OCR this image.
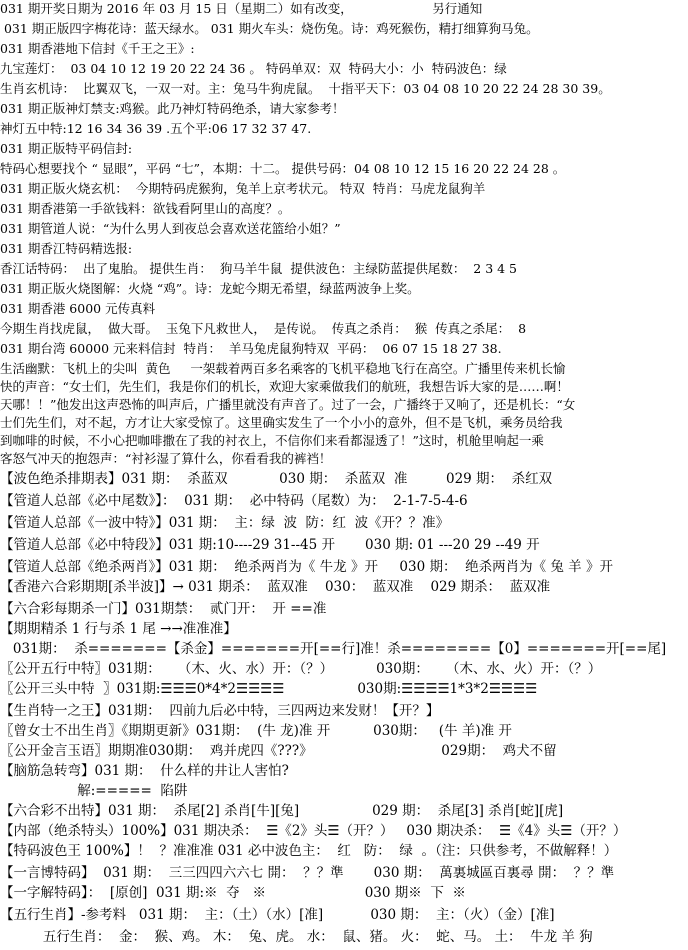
031 期开奖日期为 2016 年 03 月 15 日（星期二）如有改变，                    另行通知
031 期正版四字梅花诗：蓝天绿水。 031 期火车头：烧伤兔。诗：鸡死猴伤，精打细算狗马兔。
031 期香港地下信封《千王之王》:
九宝莲灯：  03 04 10 12 19 20 22 24 36 。 特码单双：双  特码大小：小  特码波色：绿
生肖玄机诗：  比翼双飞，一双一对。主：兔马牛狗虎鼠。  十指平天下：03 04 08 10 20 22 24 28 30 39。
031 期正版神灯禁支:鸡猴。此乃神灯特码绝杀，请大家参考！
神灯五中特:12 16 34 36 39 .五个平:06 17 32 37 47.
031 期正版特平码信封:
特码心想要找个 “ 显眼”，平码 “七”，本期：十二。 提供号码：04 08 10 12 15 16 20 22 24 28 。
031 期正版火烧玄机：  今期特码虎猴狗，兔羊上京考状元。 特双  特肖：马虎龙鼠狗羊
031 期香港第一手欲钱料：欲钱看阿里山的高度？。
031 期管道人说：“为什么男人到夜总会喜欢送花篮给小姐？”
031 期香江特码精选报:
香江话特码：  出了鬼胎。 提供生肖：  狗马羊牛鼠  提供波色：主绿防蓝提供尾数：  2 3 4 5
031 期正版火烧图解：火烧 “鸡”。诗：龙蛇今期无希望，绿蓝两波争上奖。
031 期香港 6000 元传真料
今期生肖找虎鼠，  做大哥。  玉兔下凡救世人，  是传说。  传真之杀肖：  猴  传真之杀尾：  8
031 期台湾 60000 元来料信封  特肖：  羊马兔虎鼠狗特双  平码：  06 07 15 18 27 38.
生活幽默：飞机上的尖叫  黄色     一架载着两百多名乘客的飞机平稳地飞行在高空。广播里传来机长愉
快的声音：“女士们，先生们，我是你们的机长，欢迎大家乘做我们的航班，我想告诉大家的是……啊！
天哪！！”他发出这声恐怖的叫声后，广播里就没有声音了。过了一会，广播终于又响了，还是机长：“女
士们先生们，对不起，方才让大家受惊了。这里确实发生了一个小小的意外，但不是飞机，乘务员给我
到咖啡的时候，不小心把咖啡撒在了我的衬衣上，不信你们来看都湿透了！”这时，机舱里响起一乘
客怒气冲天的抱怨声：“衬衫湿了算什么，你看看我的裤裆！
【波色绝杀排期表】031 期：  杀蓝双            030 期：  杀蓝双  准         029 期：  杀红双
【管道人总部《必中尾数》】：  031 期：  必中特码（尾数）为：  2-1-7-5-4-6
【管道人总部《一波中特》】031 期：  主：绿  波  防：红  波《开？？准》
【管道人总部《必中特段》】031 期:10----29 31--45 开       030 期: 01 ---20 29 --49 开
【管道人总部《绝杀两肖》】031 期：  绝杀两肖为《 牛龙 》开     030 期：  绝杀两肖为《 兔 羊 》开
【香港六合彩期期[杀半波]】→ 031 期杀：  蓝双准    030：  蓝双准    029 期杀：  蓝双准
【六合彩每期杀一门】031期禁：  贰门开：  开 ==准
【期期精杀 1 行与杀 1 尾 →→准准准】
031期：  杀=======【杀金】=======开[==行]准！杀========【0】=======开[==尾]
〖公开五行中特〗031期：    （木、火、水）开：（？）          030期：    （木、水、火）开：（？）
〖公开三头中特  〗031期:☰☰☰0*4*2☰☰☰☰                 030期:☰☰☰☰1*3*2☰☰☰☰
【生肖特一之王】031期：  四前九后必中特，三四两边来发财！【开？】
〖曾女士不出生肖〗《期期更新》031期：  (牛 龙)准 开          030期：   (牛 羊)准 开
〖公开金言玉语〗期期准030期：  鸡并虎四《???》                              029期：  鸡犬不留
【脑筋急转弯】031 期：  什么样的井让人害怕?
解:=====  陷阱
【六合彩不出特】031 期：  杀尾[2] 杀肖[牛][兔]                 029 期：  杀尾[3] 杀肖[蛇][虎]
【内部（绝杀特头）100%】031 期决杀：  ☰《2》头☰（开？）   030 期决杀：  ☰《4》头☰（开？）
【特码波色王 100%】！  ？准准准 031 必中波色主：  红   防：  绿  。（注：只供参考，不做解释！）
【一言博特码】  031 期：  三三四四六六七 開：  ？？準       030 期：  萬裏城區百裏尋 開：  ？？準
【一字解特码】：  [原创]  031 期:※  夺   ※                       030 期※  下  ※
【五行生肖】-参考料   031 期：  主：（土）（水）[准]           030 期：  主：（火）（金）[准]
五行生肖：  金：  猴、鸡。 木：  兔、虎。 水：  鼠、猪。 火：  蛇、马。 土：  牛龙 羊 狗
